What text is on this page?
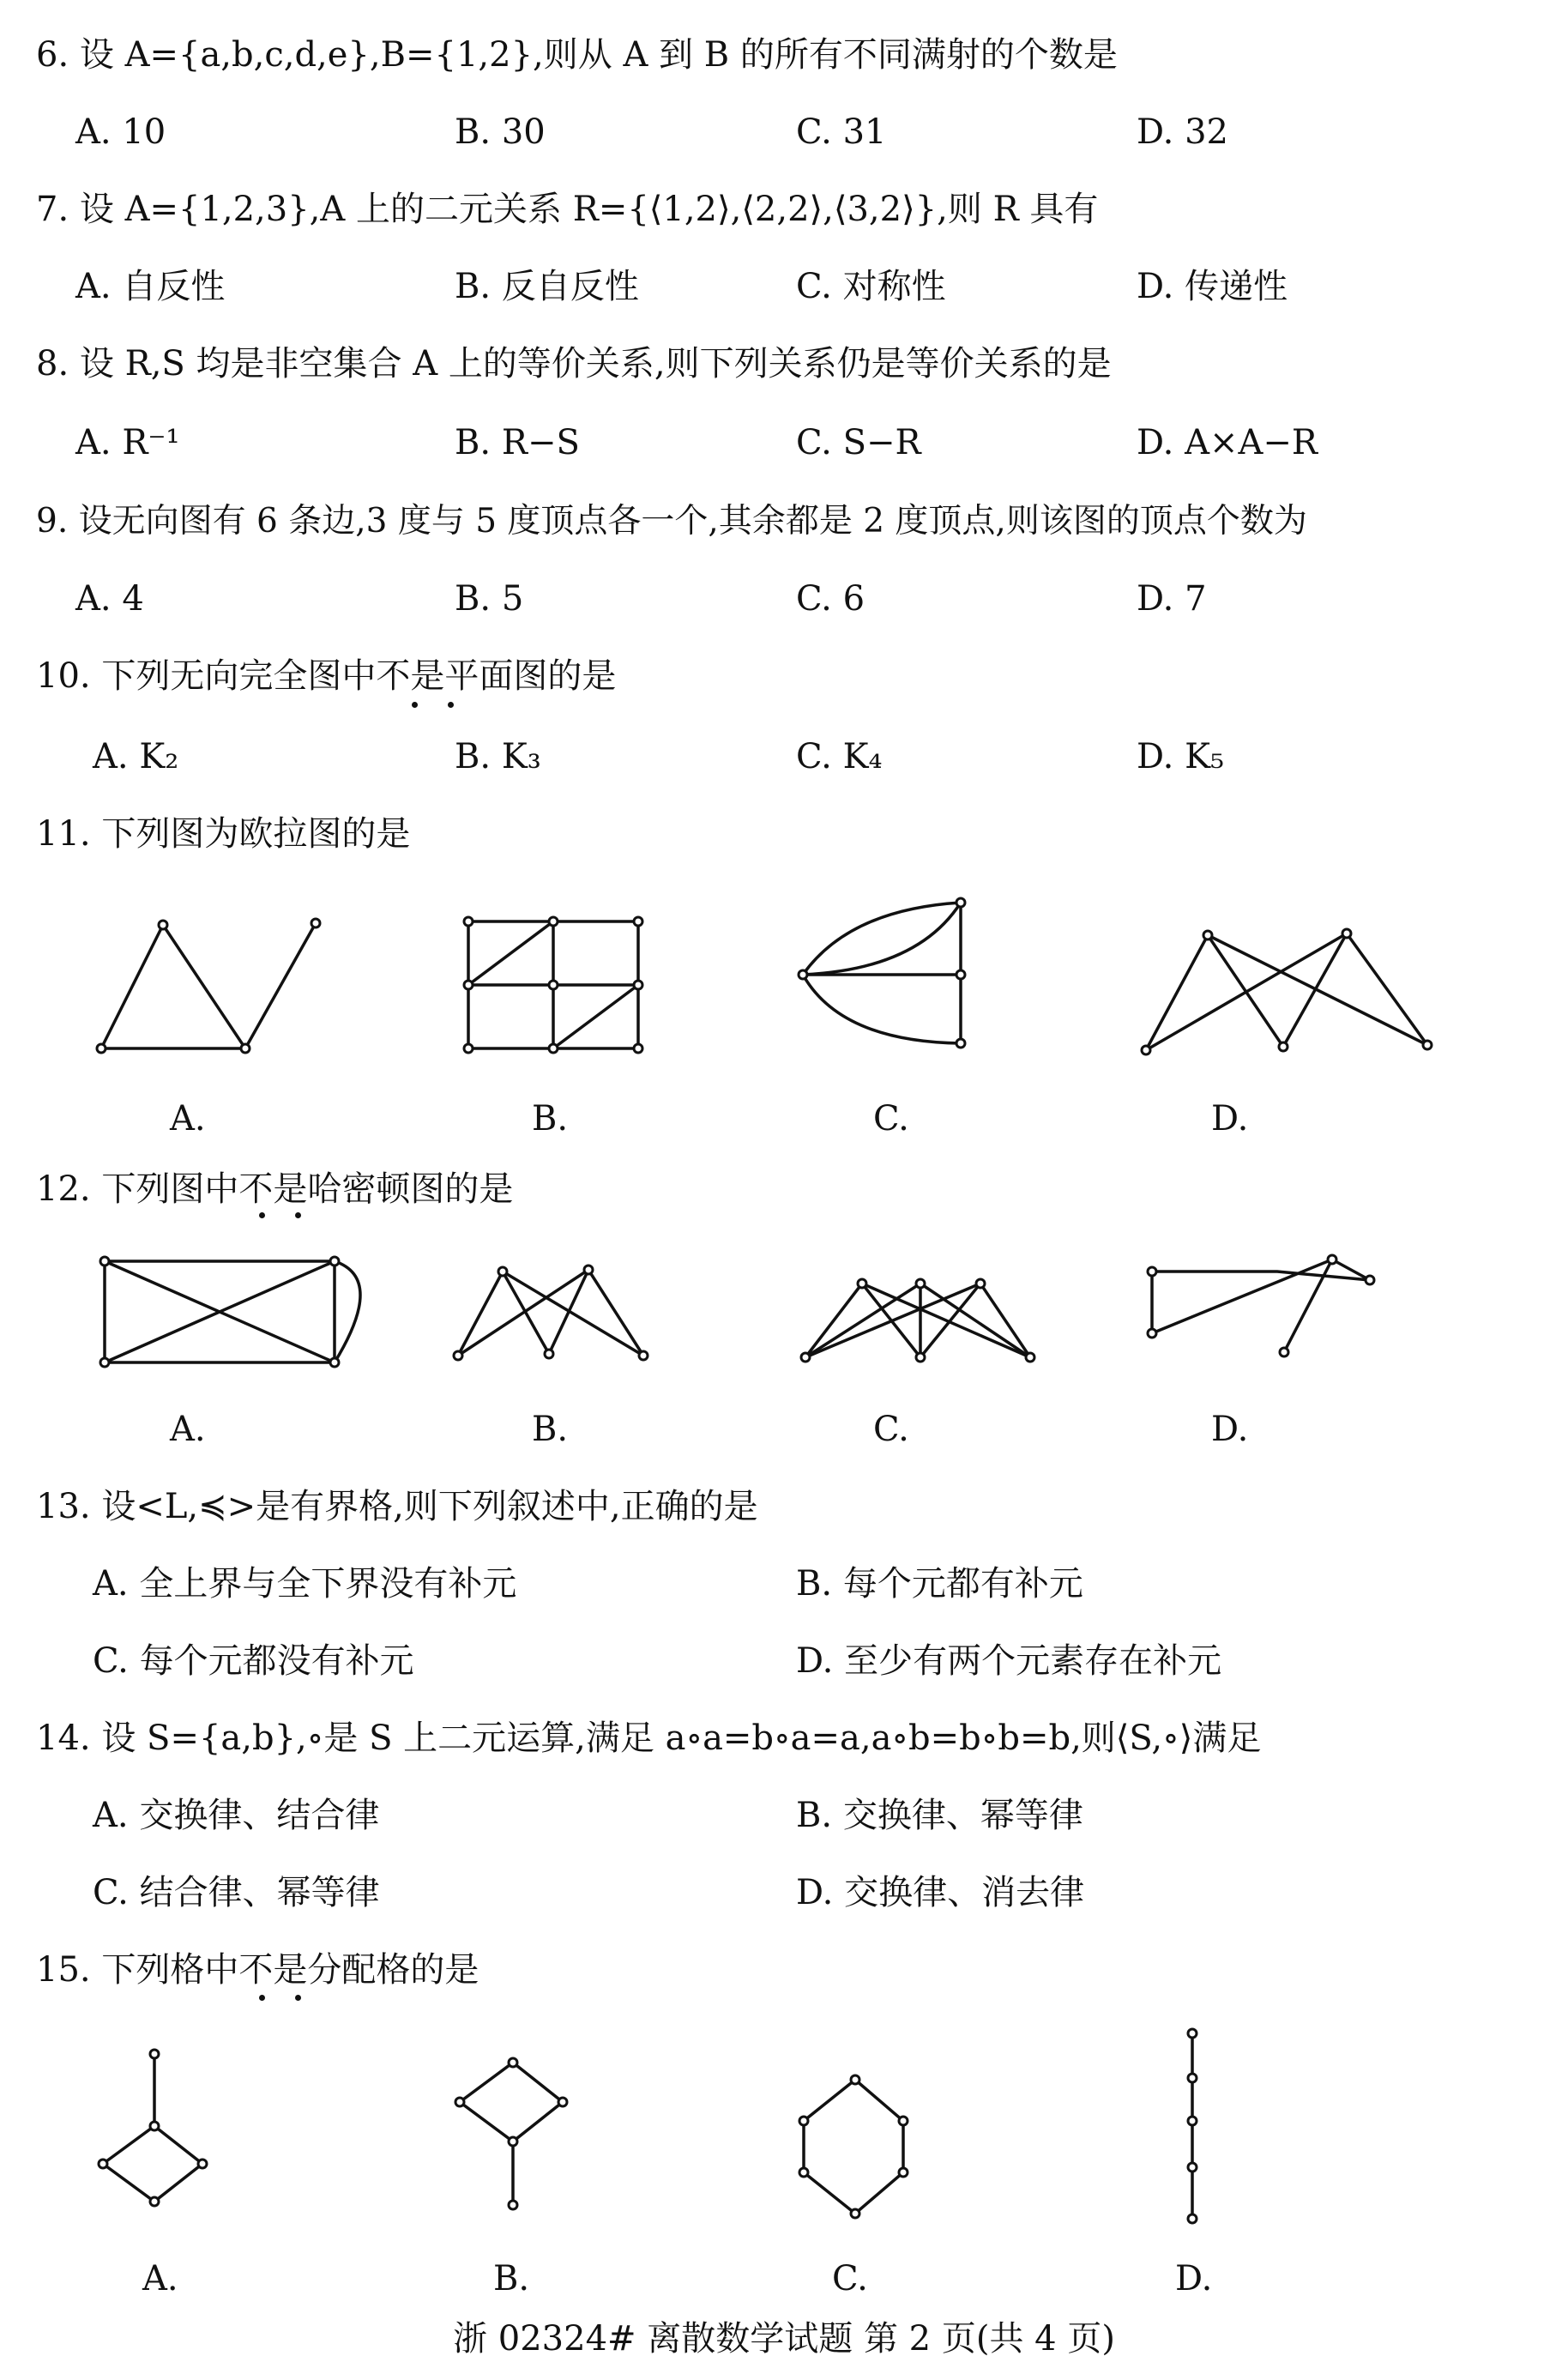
6. 设 A={a,b,c,d,e},B={1,2},则从 A 到 B 的所有不同满射的个数是
A. 10	B. 30	C. 31	D. 32
7. 设 A={1,2,3},A 上的二元关系 R={⟨1,2⟩,⟨2,2⟩,⟨3,2⟩},则 R 具有
A. 自反性	B. 反自反性	C. 对称性	D. 传递性
8. 设 R,S 均是非空集合 A 上的等价关系,则下列关系仍是等价关系的是
A. R⁻¹	B. R−S	C. S−R	D. A×A−R
9. 设无向图有 6 条边,3 度与 5 度顶点各一个,其余都是 2 度顶点,则该图的顶点个数为
A. 4	B. 5	C. 6	D. 7
10. 下列无向完全图中不是平面图的是
A. K₂	B. K₃	C. K₄	D. K₅
11. 下列图为欧拉图的是
A.	B.	C.	D.
12. 下列图中不是哈密顿图的是
A.	B.	C.	D.
13. 设<L,≼>是有界格,则下列叙述中,正确的是
A. 全上界与全下界没有补元	B. 每个元都有补元
C. 每个元都没有补元	D. 至少有两个元素存在补元
14. 设 S={a,b},∘是 S 上二元运算,满足 a∘a=b∘a=a,a∘b=b∘b=b,则⟨S,∘⟩满足
A. 交换律、结合律	B. 交换律、幂等律
C. 结合律、幂等律	D. 交换律、消去律
15. 下列格中不是分配格的是
A.	B.	C.	D.
浙 02324# 离散数学试题 第 2 页(共 4 页)
